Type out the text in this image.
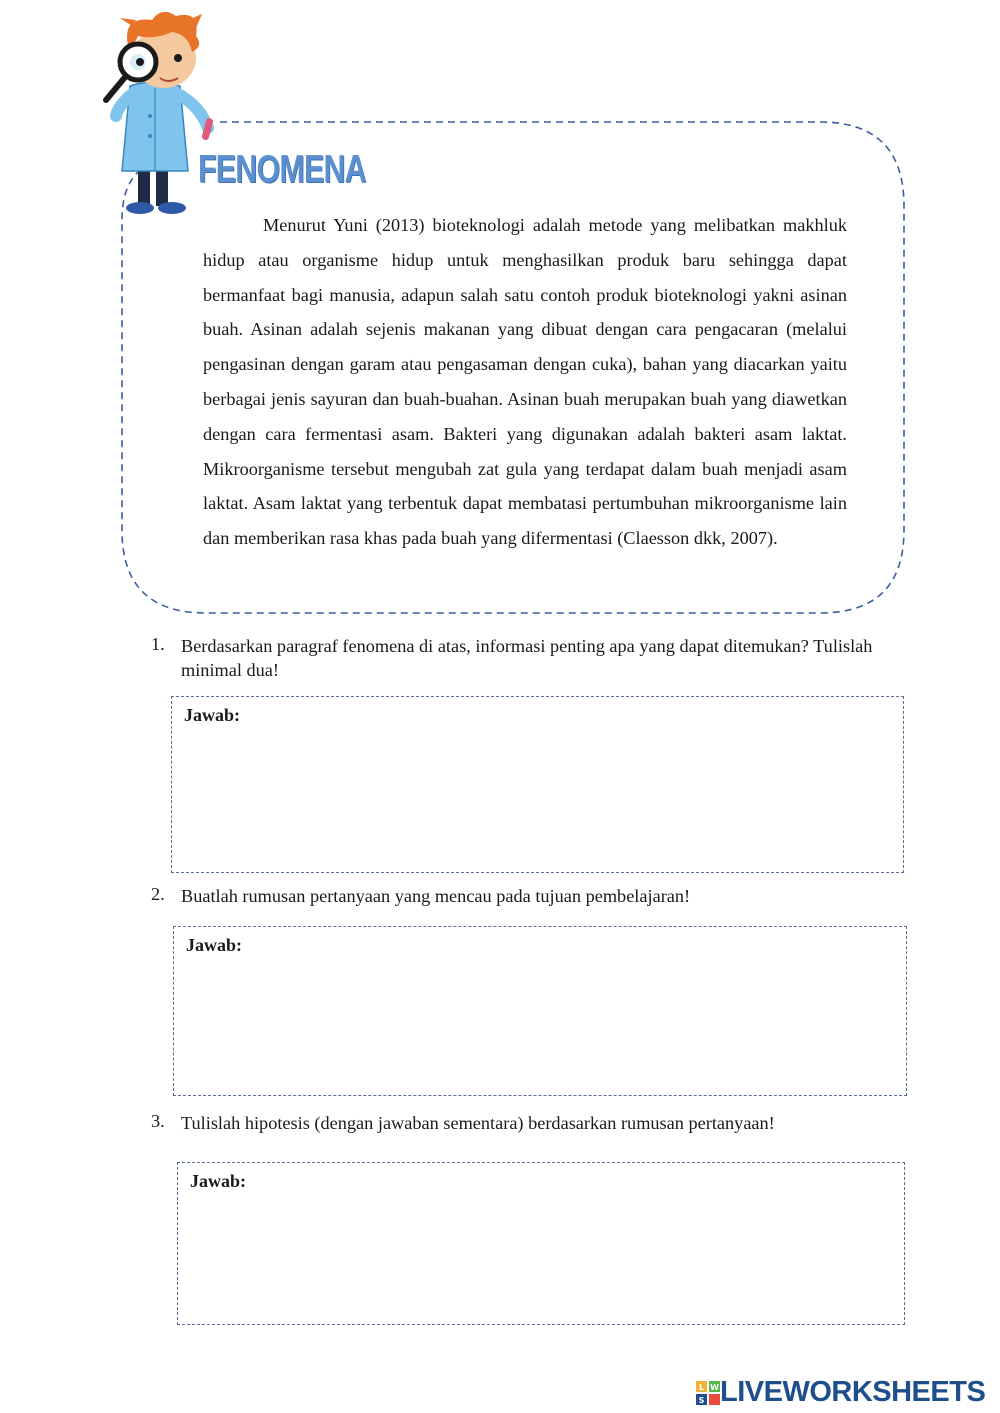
FENOMENA

Menurut Yuni (2013) bioteknologi adalah metode yang melibatkan makhluk hidup atau organisme hidup untuk menghasilkan produk baru sehingga dapat bermanfaat bagi manusia, adapun salah satu contoh produk bioteknologi yakni asinan buah. Asinan adalah sejenis makanan yang dibuat dengan cara pengacaran (melalui pengasinan dengan garam atau pengasaman dengan cuka), bahan yang diacarkan yaitu berbagai jenis sayuran dan buah-buahan. Asinan buah merupakan buah yang diawetkan dengan cara fermentasi asam. Bakteri yang digunakan adalah bakteri asam laktat. Mikroorganisme tersebut mengubah zat gula yang terdapat dalam buah menjadi asam laktat. Asam laktat yang terbentuk dapat membatasi pertumbuhan mikroorganisme lain dan memberikan rasa khas pada buah yang difermentasi (Claesson dkk, 2007).

1. Berdasarkan paragraf fenomena di atas, informasi penting apa yang dapat ditemukan? Tulislah minimal dua!
Jawab:
2. Buatlah rumusan pertanyaan yang mencau pada tujuan pembelajaran!
Jawab:
3. Tulislah hipotesis (dengan jawaban sementara) berdasarkan rumusan pertanyaan!
Jawab:
L W
S LIVEWORKSHEETS
